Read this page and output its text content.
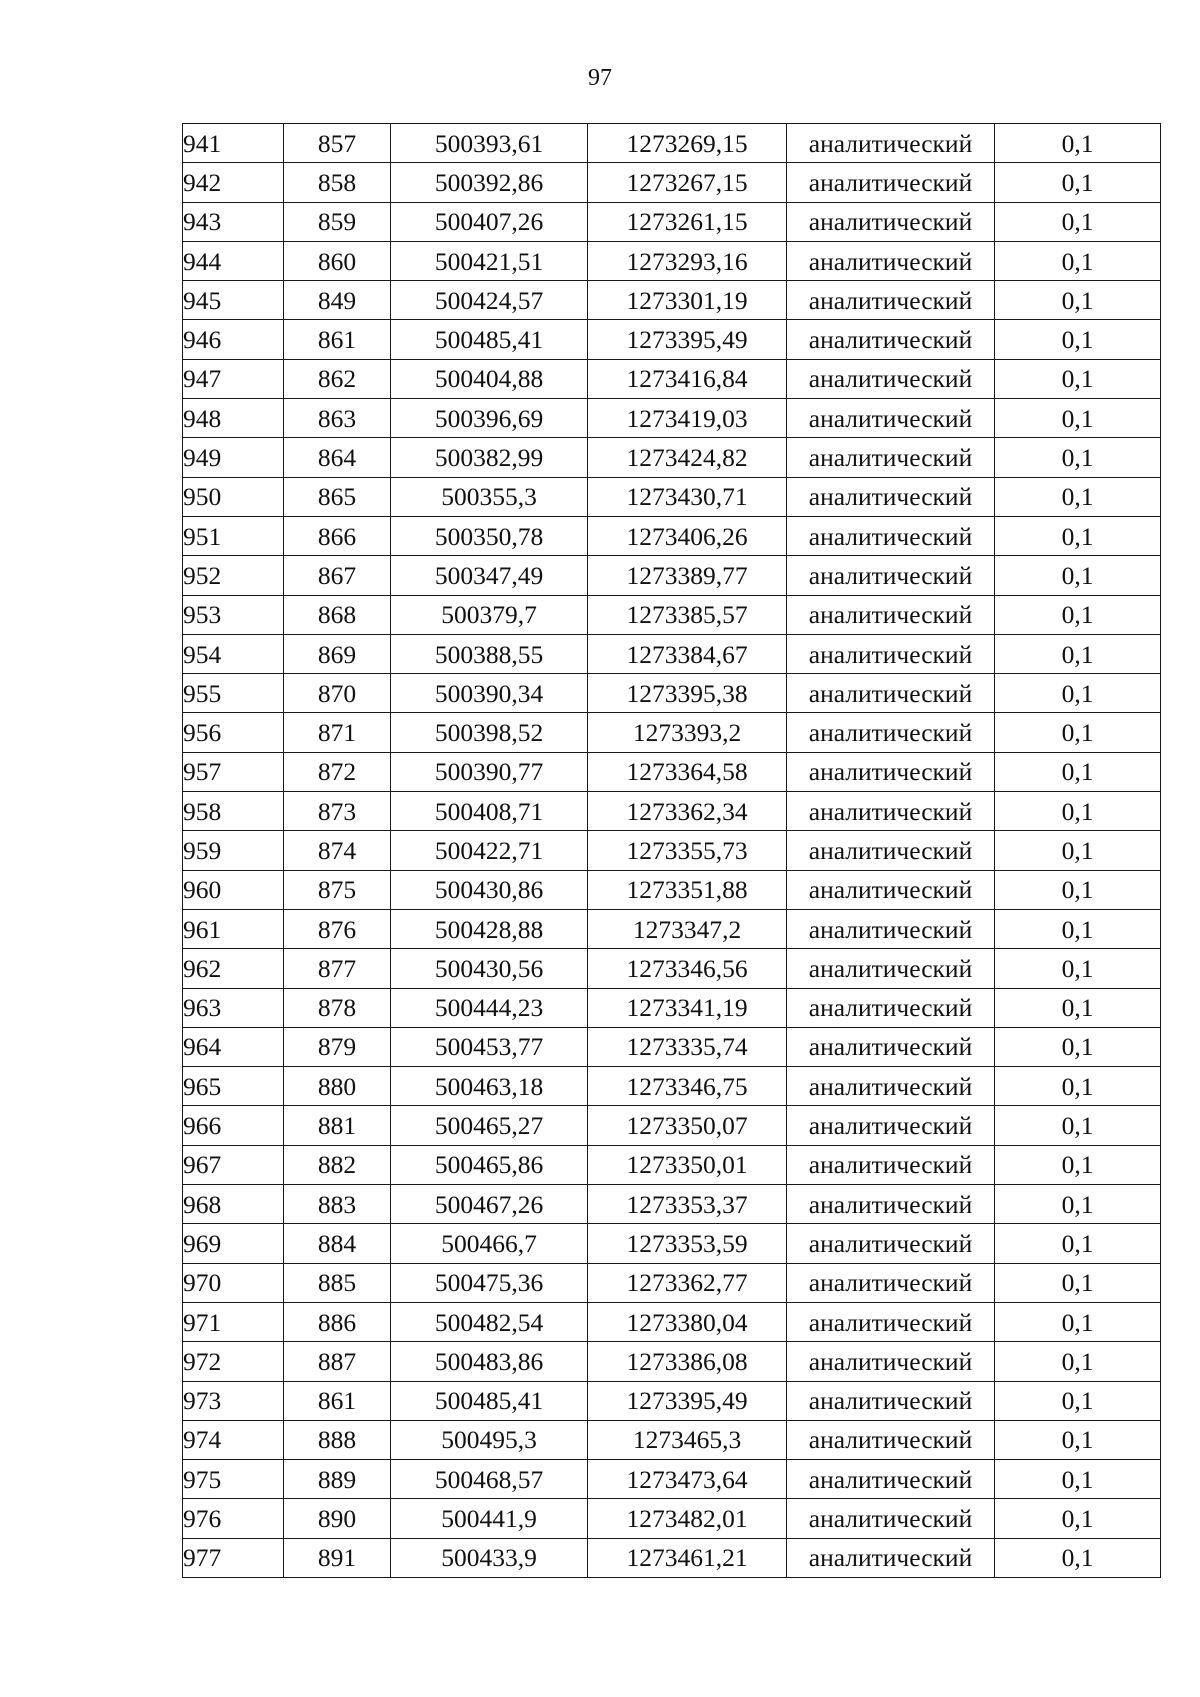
97
941	857	500393,61	1273269,15	аналитический	0,1
942	858	500392,86	1273267,15	аналитический	0,1
943	859	500407,26	1273261,15	аналитический	0,1
944	860	500421,51	1273293,16	аналитический	0,1
945	849	500424,57	1273301,19	аналитический	0,1
946	861	500485,41	1273395,49	аналитический	0,1
947	862	500404,88	1273416,84	аналитический	0,1
948	863	500396,69	1273419,03	аналитический	0,1
949	864	500382,99	1273424,82	аналитический	0,1
950	865	500355,3	1273430,71	аналитический	0,1
951	866	500350,78	1273406,26	аналитический	0,1
952	867	500347,49	1273389,77	аналитический	0,1
953	868	500379,7	1273385,57	аналитический	0,1
954	869	500388,55	1273384,67	аналитический	0,1
955	870	500390,34	1273395,38	аналитический	0,1
956	871	500398,52	1273393,2	аналитический	0,1
957	872	500390,77	1273364,58	аналитический	0,1
958	873	500408,71	1273362,34	аналитический	0,1
959	874	500422,71	1273355,73	аналитический	0,1
960	875	500430,86	1273351,88	аналитический	0,1
961	876	500428,88	1273347,2	аналитический	0,1
962	877	500430,56	1273346,56	аналитический	0,1
963	878	500444,23	1273341,19	аналитический	0,1
964	879	500453,77	1273335,74	аналитический	0,1
965	880	500463,18	1273346,75	аналитический	0,1
966	881	500465,27	1273350,07	аналитический	0,1
967	882	500465,86	1273350,01	аналитический	0,1
968	883	500467,26	1273353,37	аналитический	0,1
969	884	500466,7	1273353,59	аналитический	0,1
970	885	500475,36	1273362,77	аналитический	0,1
971	886	500482,54	1273380,04	аналитический	0,1
972	887	500483,86	1273386,08	аналитический	0,1
973	861	500485,41	1273395,49	аналитический	0,1
974	888	500495,3	1273465,3	аналитический	0,1
975	889	500468,57	1273473,64	аналитический	0,1
976	890	500441,9	1273482,01	аналитический	0,1
977	891	500433,9	1273461,21	аналитический	0,1
